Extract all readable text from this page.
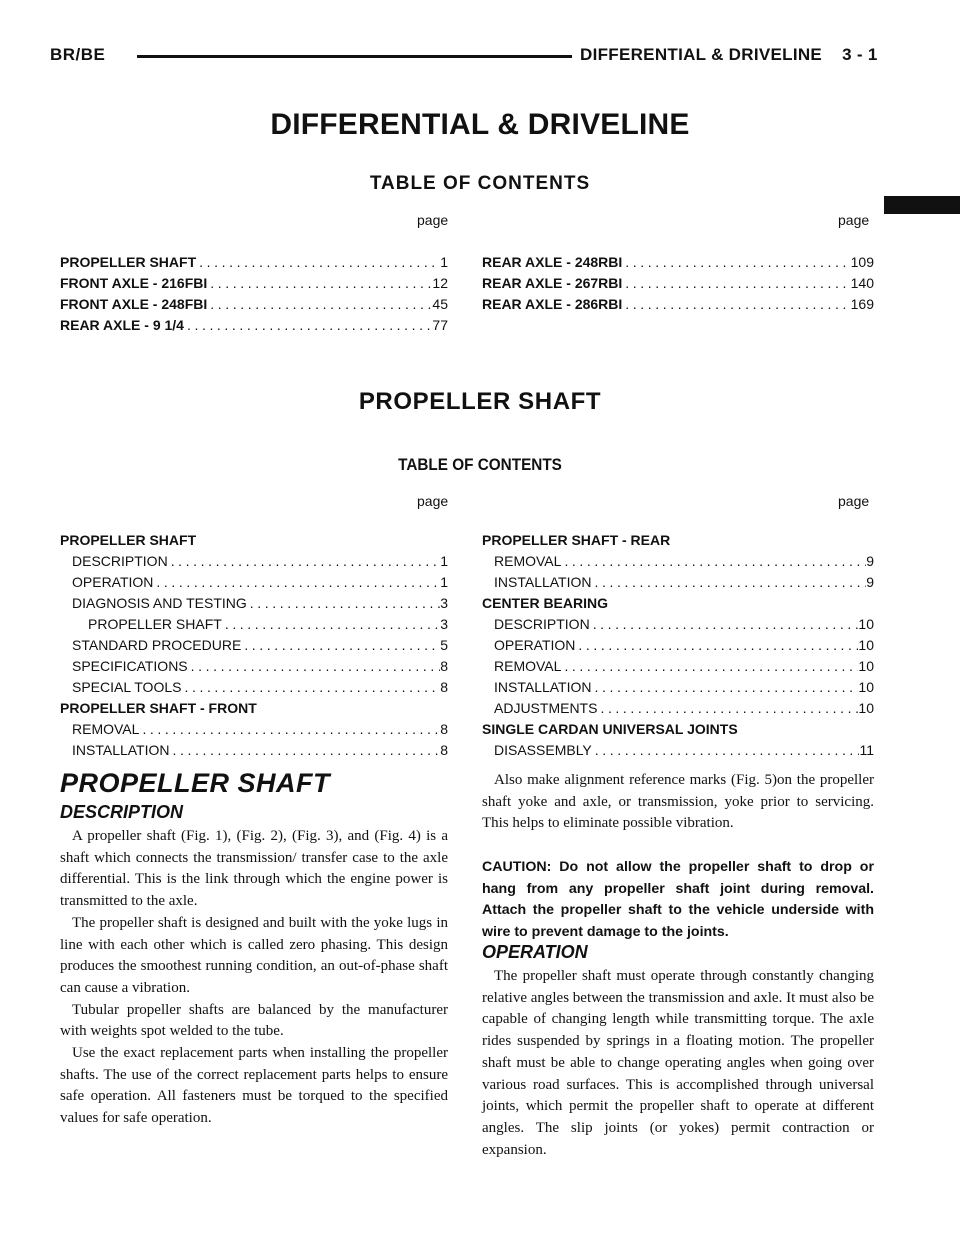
BR/BE	DIFFERENTIAL & DRIVELINE    3 - 1
DIFFERENTIAL & DRIVELINE
TABLE OF CONTENTS
page	page
PROPELLER SHAFT .....	1
FRONT AXLE - 216FBI .....	12
FRONT AXLE - 248FBI .....	45
REAR AXLE - 9 1/4 .....	77
REAR AXLE - 248RBI .....	109
REAR AXLE - 267RBI .....	140
REAR AXLE - 286RBI .....	169
PROPELLER SHAFT
TABLE OF CONTENTS
page	page
PROPELLER SHAFT
DESCRIPTION .....	1
OPERATION .....	1
DIAGNOSIS AND TESTING .....	3
PROPELLER SHAFT .....	3
STANDARD PROCEDURE .....	5
SPECIFICATIONS .....	8
SPECIAL TOOLS .....	8
PROPELLER SHAFT - FRONT
REMOVAL .....	8
INSTALLATION .....	8
PROPELLER SHAFT - REAR
REMOVAL .....	9
INSTALLATION .....	9
CENTER BEARING
DESCRIPTION .....	10
OPERATION .....	10
REMOVAL .....	10
INSTALLATION .....	10
ADJUSTMENTS .....	10
SINGLE CARDAN UNIVERSAL JOINTS
DISASSEMBLY .....	11
PROPELLER SHAFT
DESCRIPTION

A propeller shaft (Fig. 1), (Fig. 2), (Fig. 3), and (Fig. 4) is a shaft which connects the transmission/ transfer case to the axle differential. This is the link through which the engine power is transmitted to the axle.

The propeller shaft is designed and built with the yoke lugs in line with each other which is called zero phasing. This design produces the smoothest running condition, an out-of-phase shaft can cause a vibration.

Tubular propeller shafts are balanced by the manufacturer with weights spot welded to the tube.

Use the exact replacement parts when installing the propeller shafts. The use of the correct replacement parts helps to ensure safe operation. All fasteners must be torqued to the specified values for safe operation.

Also make alignment reference marks (Fig. 5)on the propeller shaft yoke and axle, or transmission, yoke prior to servicing. This helps to eliminate possible vibration.

CAUTION: Do not allow the propeller shaft to drop or hang from any propeller shaft joint during removal. Attach the propeller shaft to the vehicle underside with wire to prevent damage to the joints.
OPERATION

The propeller shaft must operate through constantly changing relative angles between the transmission and axle. It must also be capable of changing length while transmitting torque. The axle rides suspended by springs in a floating motion. The propeller shaft must be able to change operating angles when going over various road surfaces. This is accomplished through universal joints, which permit the propeller shaft to operate at different angles. The slip joints (or yokes) permit contraction or expansion.
